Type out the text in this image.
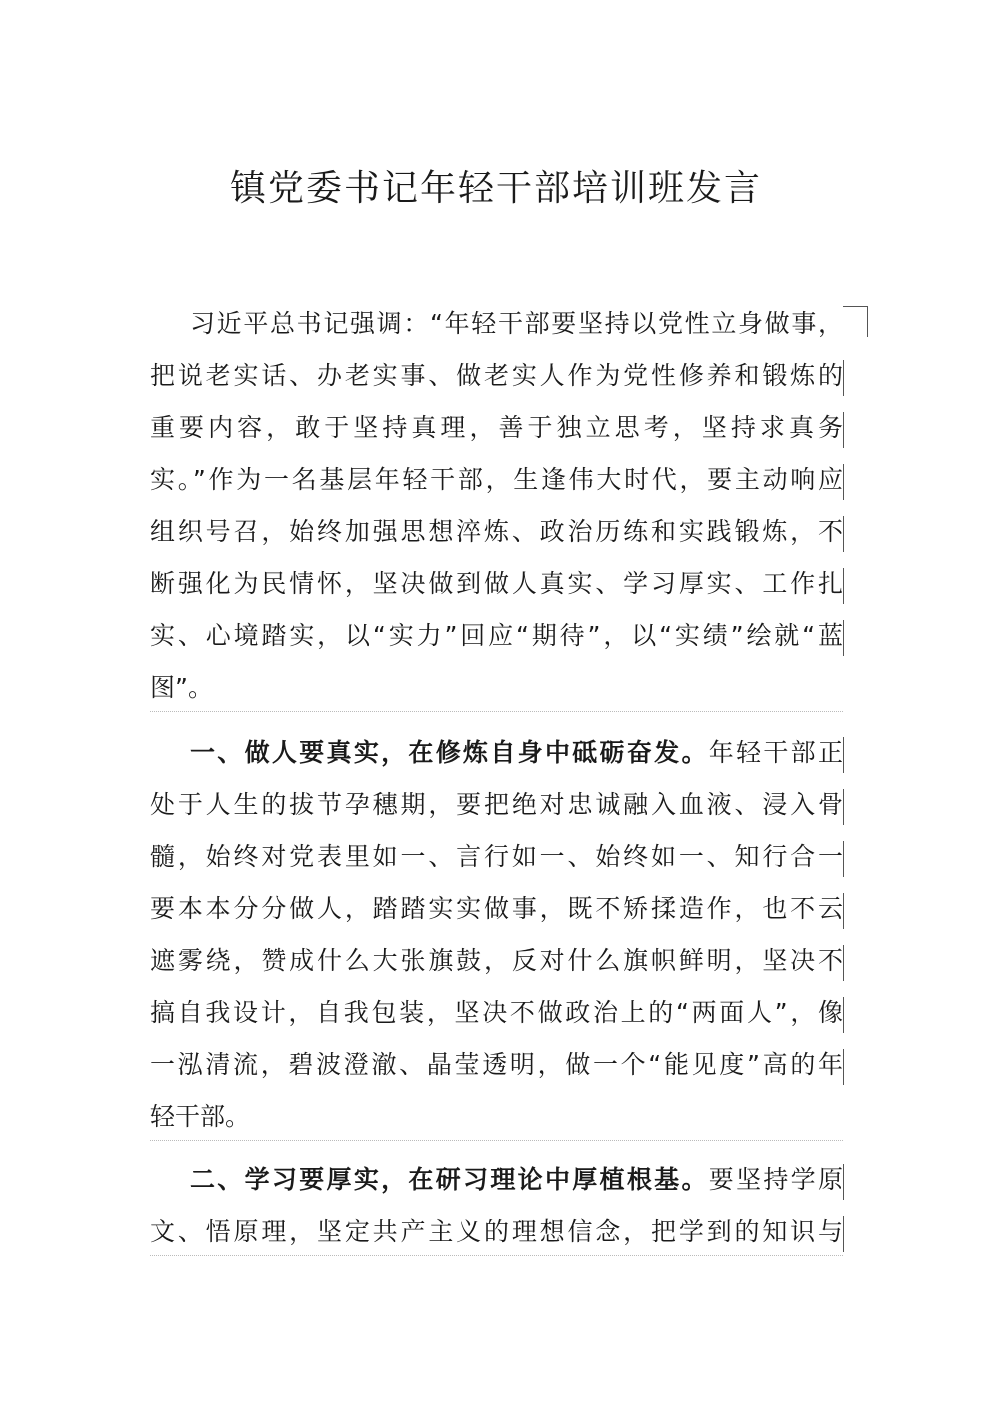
镇党委书记年轻干部培训班发言
习近平总书记强调：“年轻干部要坚持以党性立身做事，
把说老实话、办老实事、做老实人作为党性修养和锻炼的
重要内容，敢于坚持真理，善于独立思考，坚持求真务
实。”作为一名基层年轻干部，生逢伟大时代，要主动响应
组织号召，始终加强思想淬炼、政治历练和实践锻炼，不
断强化为民情怀，坚决做到做人真实、学习厚实、工作扎
实、心境踏实，以“实力”回应“期待”，以“实绩”绘就“蓝
图”。
一、做人要真实，在修炼自身中砥砺奋发。年轻干部正
处于人生的拔节孕穗期，要把绝对忠诚融入血液、浸入骨
髓，始终对党表里如一、言行如一、始终如一、知行合一
要本本分分做人，踏踏实实做事，既不矫揉造作，也不云
遮雾绕，赞成什么大张旗鼓，反对什么旗帜鲜明，坚决不
搞自我设计，自我包装，坚决不做政治上的“两面人”，像
一泓清流，碧波澄澈、晶莹透明，做一个“能见度”高的年
轻干部。
二、学习要厚实，在研习理论中厚植根基。要坚持学原
文、悟原理，坚定共产主义的理想信念，把学到的知识与
